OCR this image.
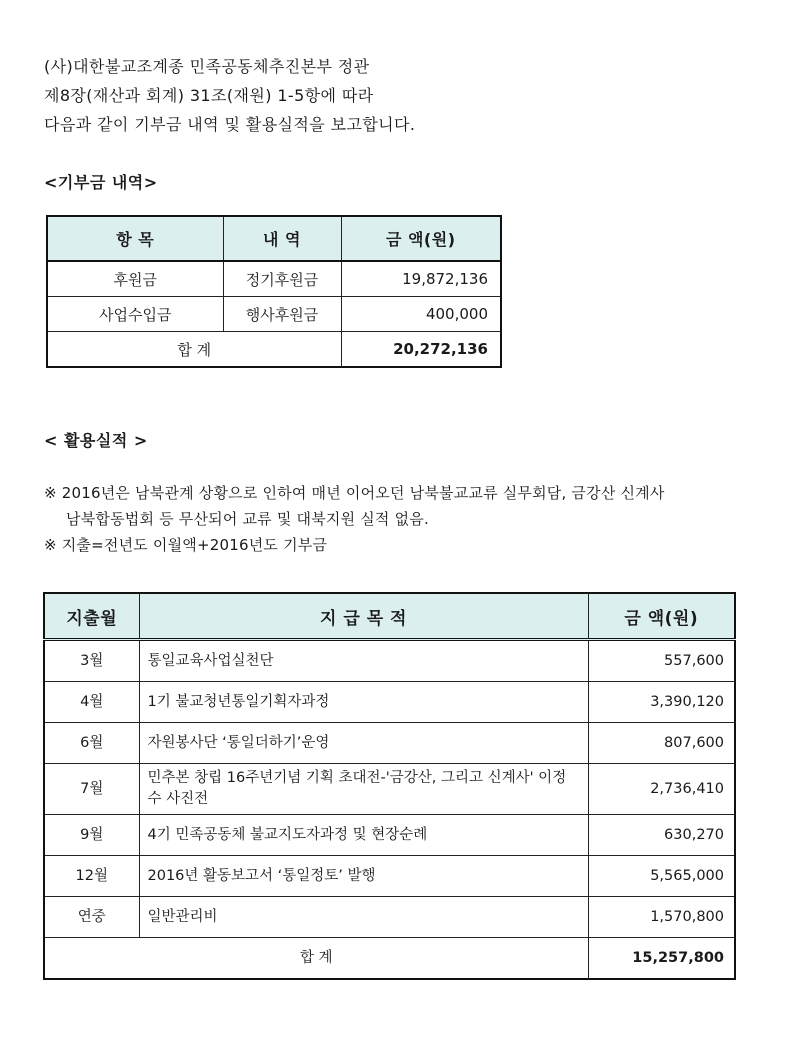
(사)대한불교조계종 민족공동체추진본부 정관
제8장(재산과 회계) 31조(재원) 1-5항에 따라
다음과 같이 기부금 내역 및 활용실적을 보고합니다.
<기부금 내역>
항 목	내 역	금 액(원)
후원금	정기후원금	19,872,136
사업수입금	행사후원금	400,000
합 계		20,272,136
< 활용실적 >
※ 2016년은 남북관계 상황으로 인하여 매년 이어오던 남북불교교류 실무회담, 금강산 신계사
남북합동법회 등 무산되어 교류 및 대북지원 실적 없음.
※ 지출=전년도 이월액+2016년도 기부금
지출월	지 급 목 적	금 액(원)
3월	통일교육사업실천단	557,600
4월	1기 불교청년통일기획자과정	3,390,120
6월	자원봉사단 ‘통일더하기’운영	807,600
7월	민추본 창립 16주년기념 기획 초대전-'금강산, 그리고 신계사' 이정수 사진전	2,736,410
9월	4기 민족공동체 불교지도자과정 및 현장순례	630,270
12월	2016년 활동보고서 ‘통일정토’ 발행	5,565,000
연중	일반관리비	1,570,800
합 계		15,257,800
